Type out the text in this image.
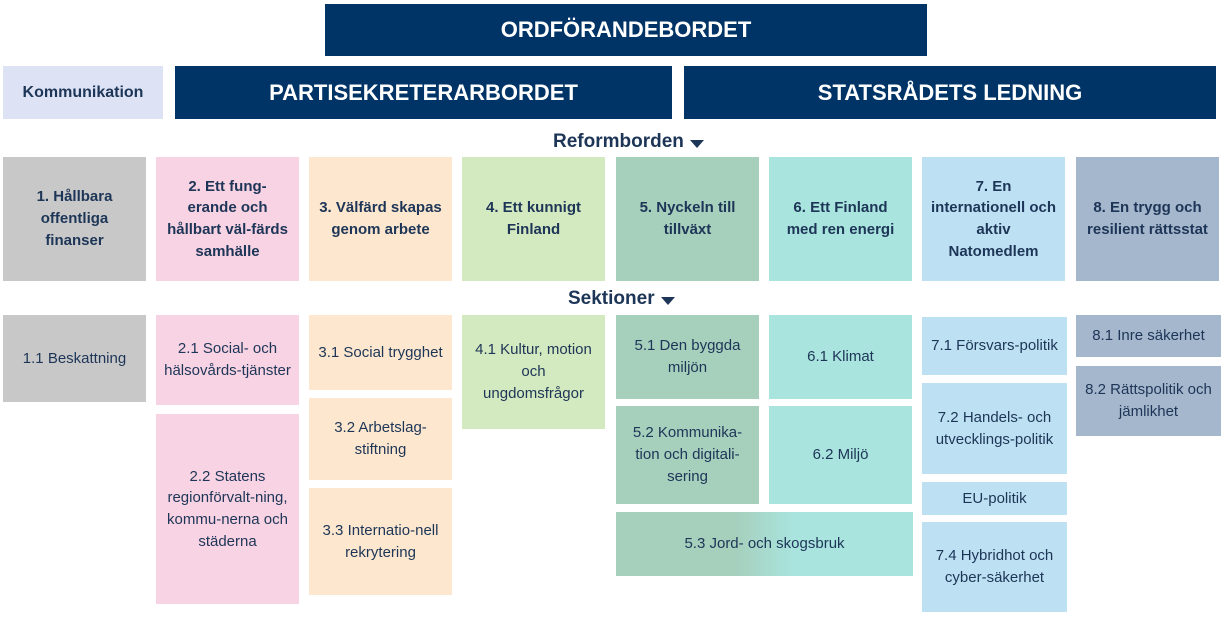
ORDFÖRANDEBORDET
Kommunikation	PARTISEKRETERARBORDET	STATSRÅDETS LEDNING
Reformborden
1. Hållbara offentliga finanser
2. Ett fung-erande och hållbart väl-färds samhälle
3. Välfärd skapas genom arbete
4. Ett kunnigt Finland
5. Nyckeln till tillväxt
6. Ett Finland med ren energi
7. En internationell och aktiv Natomedlem
8. En trygg och resilient rättsstat
Sektioner
1.1 Beskattning
2.1 Social- och hälsovårds-tjänster
2.2 Statens regionförvalt-ning, kommu-nerna och städerna
3.1 Social trygghet
3.2 Arbetslag-stiftning
3.3 Internatio-nell rekrytering
4.1 Kultur, motion och ungdomsfrågor
5.1 Den byggda miljön
5.2 Kommunika-tion och digitali-sering
5.3 Jord- och skogsbruk
6.1 Klimat
6.2 Miljö
7.1 Försvars-politik
7.2 Handels- och utvecklings-politik
EU-politik
7.4 Hybridhot och cyber-säkerhet
8.1 Inre säkerhet
8.2 Rättspolitik och jämlikhet
